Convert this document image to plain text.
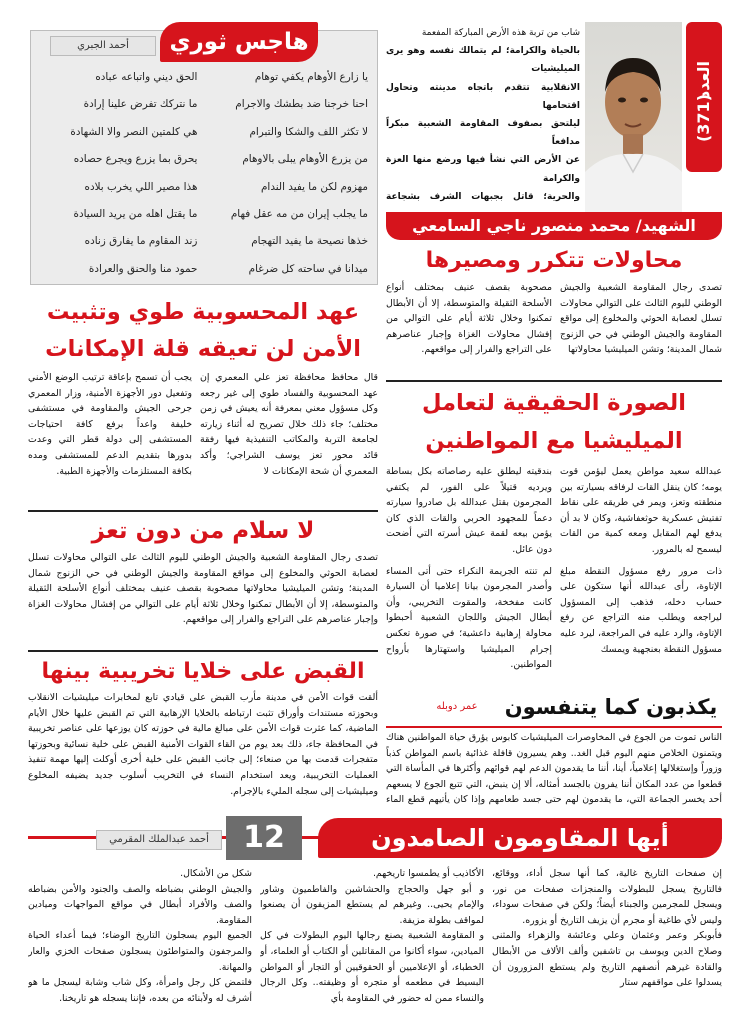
العدد
(371)

شاب من تربة هذه الأرض المباركة المفعمة

بالحياة والكرامة؛ لم يتمالك نفسه وهو يرى الميليشيات

الانقلابية تتقدم باتجاه مدينته وتحاول اقتحامها

ليلتحق بصفوف المقاومة الشعبية مبكراً مدافعاً

عن الأرض التي نشأ فيها ورضع منها العزة والكرامة

والحرية؛ قاتل بجبهات الشرف بشجاعة

الشهيد/ محمد منصور ناجي السامعي
هاجس ثوري
أحمد الجبري
يا زارع الأوهام يكفي توهام
الحق ديني واتباعه عباده
احنا خرجنا ضد بطشك والاجرام
ما نتركك تفرض علينا إرادة
لا تكثر اللف والشكا والتبرام
هي كلمتين النصر والا الشهادة
من يزرع الأوهام يبلى بالاوهام
يحرق بما يزرع ويجرع حصاده
مهزوم لكن ما يفيد الندام
هذا مصير اللي يخرب بلاده
ما يجلب إيران من مه عقل فهام
ما يقتل اهله من يريد السيادة
خذها نصيحة ما يفيد التهجام
زند المقاوم ما يفارق زناده
ميدانا في ساحته كل ضرغام
حمود منا والحنق والعرادة	محاولات تتكرر ومصيرها
تصدى رجال المقاومة الشعبية والجيش الوطني لليوم الثالث على التوالي محاولات تسلل لعصابة الحوثي والمخلوع إلى مواقع المقاومة والجيش الوطني في حي الزنوج شمال المدينة؛ وتشن الميليشيا محاولاتها
مصحوبة بقصف عنيف بمختلف أنواع الأسلحة الثقيلة والمتوسطة، إلا أن الأبطال تمكنوا وخلال ثلاثة أيام على التوالي من إفشال محاولات الغزاة وإجبار عناصرهم على التراجع والفرار إلى مواقعهم.
عهد المحسوبية طوي وتثبيت الأمن لن تعيقه قلة الإمكانات
قال محافظ محافظة تعز علي المعمري إن عهد المحسوبية والفساد طوي إلى غير رجعه وكل مسؤول معني بمعرفة أنه يعيش في زمن مختلف؛ جاء ذلك خلال تصريح له أثناء زيارته لجامعة التربة والمكاتب التنفيذية فيها رفقة قائد محور تعز يوسف الشراجي؛ وأكد المعمري أن شحة الإمكانات لا
يجب أن تسمح بإعاقة ترتيب الوضع الأمني وتفعيل دور الأجهزة الأمنية، وزار المعمري جرحى الجيش والمقاومة في مستشفى خليفة واعداً برفع كافة احتياجات المستشفى إلى دولة قطر التي وعدت بدورها بتقديم الدعم للمستشفى ومده بكافة المستلزمات والأجهزة الطبية.
الصورة الحقيقية لتعامل الميليشيا مع المواطنين

عبدالله سعيد مواطن يعمل ليؤمن قوت يومه؛ كان ينقل القات لرفاقه بسيارته بين منطقته وتعز، ويمر في طريقه على نقاط تفتيش عسكرية حوثعفاشية، وكان لا بد أن يدفع لهم المقابل ومعه كمية من القات ليسمح له بالمرور.

ذات مرور رفع مسؤول النقطة مبلغ الإتاوة، رأى عبدالله أنها ستكون على حساب دخله، فذهب إلى المسؤول ليراجعه ويطلب منه التراجع عن رفع الإتاوة، والرد عليه في المراجعة، ليرد عليه مسؤول النقطة بعنجهية ويمسك

بندقيته ليطلق عليه رصاصاته بكل بساطة ويرديه قتيلاً على الفور، لم يكتفي المجرمون بقتل عبدالله بل صادروا سيارته دعماً للمجهود الحربي والقات الذي كان يؤمن بيعه لقمة عيش أسرته التي أضحت دون عائل.

لم تنته الجريمة النكراء حتى أتى المساء وأصدر المجرمون بيانا إعلاميا أن السيارة كانت مفخخة، والمقوت التخريبي، وأن أبطال الجيش واللجان الشعبية أحبطوا محاولة إرهابية داعشية؛ في صورة تعكس إجرام الميليشيا واستهتارها بأرواح المواطنين.

لا سلام من دون تعز
تصدى رجال المقاومة الشعبية والجيش الوطني لليوم الثالث على التوالي محاولات تسلل لعصابة الحوثي والمخلوع إلى مواقع المقاومة والجيش الوطني في حي الزنوج شمال المدينة؛ وتشن الميليشيا محاولاتها مصحوبة بقصف عنيف بمختلف أنواع الأسلحة الثقيلة والمتوسطة، إلا أن الأبطال تمكنوا وخلال ثلاثة أيام على التوالي من إفشال محاولات الغزاة وإجبار عناصرهم على التراجع والفرار إلى مواقعهم.
القبض على خلايا تخريبية بينها
ألقت قوات الأمن في مدينة مأرب القبض على قيادي تابع لمخابرات ميليشيات الانقلاب وبحوزته مستندات وأوراق تثبت ارتباطه بالخلايا الإرهابية التي تم القبض عليها خلال الأيام الماضية، كما عثرت قوات الأمن على مبالغ مالية في حوزته كان يوزعها على عناصر تخريبية في المحافظة جاء، ذلك بعد يوم من القاء القوات الأمنية القبض على خلية نسائية وبحوزتها متفجرات قدمت بها من صنعاء؛ إلى جانب القبض على خلية أخرى أوكلت إليها مهمة تنفيذ العمليات التخريبية، ويعد استخدام النساء في التخريب أسلوب جديد يضيفه المخلوع وميليشيات إلى سجله المليء بالإجرام.
يكذبون كما يتنفسون
عمر دوبله
الناس تموت من الجوع في المخاوصرات الميليشيات كابوس يؤرق حياة المواطنين هناك ويتمنون الخلاص منهم اليوم قبل الغد.. وهم يسيرون قافلة غذائية باسم المواطن كذباً وزوراً وإستغلالها إعلامياً، أينا، أننا ما يقدمون الدعم لهم قوائهم وأكثرها في المأساة التي قطعوا من عدد المكان أننا يفرون بالجسد أمثاله، ألا إن ينبض، التي تتبع الجوع لا يسعهم أحد يخسر الجماعة التي، ما يقدمون لهم حتى جسد طعامهم وإذا كان يأتيهم قطع الماء
أيها المقاومون الصامدون
12
أحمد عبدالملك المقرمي
إن صفحات التاريخ غالية، كما أنها سجل أداء، ووقائع، فالتاريخ يسجل للبطولات والمنجزات صفحات من نور، ويسجل للمجرمين والجبناء أيضاً؛ ولكن في صفحات سوداء، وليس لأي طاغية أو مجرم أن يزيف التاريخ أو يزوره.
فأبوبكر وعمر وعثمان وعلي وعائشة والزهراء والمثنى وصلاح الدين ويوسف بن تاشفين وألف الألاف من الأبطال والقادة غيرهم أنصفهم التاريخ ولم يستطع المزورون أن يسدلوا على مواقفهم ستار
الأكاذيب أو يطمسوا تاريخهم.
و أبو جهل والحجاج والحشاشين والفاطميون وشاور والإمام يحيى.. وغيرهم لم يستطع المزيفون أن يصنعوا لمواقف بطولة مزيفة.
و المقاومة الشعبية يصنع رجالها اليوم البطولات في كل الميادين، سواء أكانوا من المقاتلين أو الكتاب أو العلماء، أو الخطباء، أو الإعلاميين أو الحقوقيين أو التجار أو المواطن البسيط في مطعمه أو متجره أو وظيفته.. وكل الرجال والنساء ممن له حضور في المقاومة بأي
شكل من الأشكال.
والجيش الوطني بضباطه والصف والجنود والأمن بضباطه والصف والأفراد أبطال في مواقع المواجهات وميادين المقاومة.
الجميع اليوم يسجلون التاريخ الوضاء؛ فيما أعداء الحياة والمرجفون والمتواطئون يسجلون صفحات الخزي والعار والمهانة.
فلتمض كل رجل وامرأة، وكل شاب وشابة ليسجل ما هو أشرف له ولأبنائه من بعده، فإننا يسجله هو تاريخنا.
